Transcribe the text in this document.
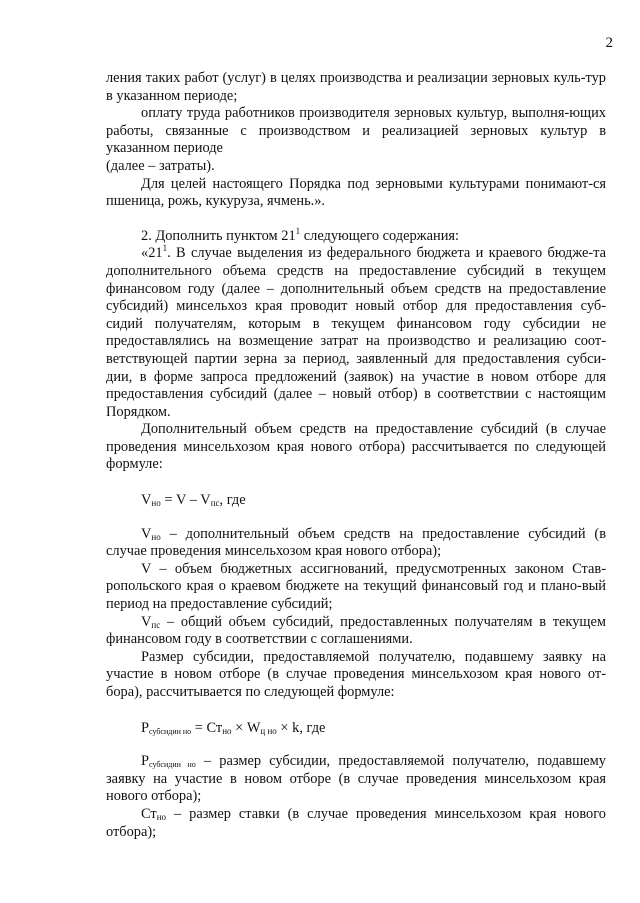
2

ления таких работ (услуг) в целях производства и реализации зерновых куль-тур в указанном периоде;

оплату труда работников производителя зерновых культур, выполня-ющих работы, связанные с производством и реализацией зерновых культур в указанном периоде

(далее – затраты).

Для целей настоящего Порядка под зерновыми культурами понимают-ся пшеница, рожь, кукуруза, ячмень.».

2. Дополнить пунктом $21^1$ следующего содержания:

«$21^1$. В случае выделения из федерального бюджета и краевого бюдже-та дополнительного объема средств на предоставление субсидий в текущем финансовом году (далее – дополнительный объем средств на предоставление субсидий) минсельхоз края проводит новый отбор для предоставления суб-сидий получателям, которым в текущем финансовом году субсидии не предоставлялись на возмещение затрат на производство и реализацию соот-ветствующей партии зерна за период, заявленный для предоставления субси-дии, в форме запроса предложений (заявок) на участие в новом отборе для предоставления субсидий (далее – новый отбор) в соответствии с настоящим Порядком.

Дополнительный объем средств на предоставление субсидий (в случае проведения минсельхозом края нового отбора) рассчитывается по следующей формуле:

$V_{но} = V - V_{пс}$, где

$V_{но}$ – дополнительный объем средств на предоставление субсидий (в случае проведения минсельхозом края нового отбора);

V – объем бюджетных ассигнований, предусмотренных законом Став-ропольского края о краевом бюджете на текущий финансовый год и плано-вый период на предоставление субсидий;

$V_{пс}$ – общий объем субсидий, предоставленных получателям в текущем финансовом году в соответствии с соглашениями.

Размер субсидии, предоставляемой получателю, подавшему заявку на участие в новом отборе (в случае проведения минсельхозом края нового от-бора), рассчитывается по следующей формуле:

$Р_{субсидии но} = Ст_{но} \times W_{ц но} \times k$, где

$Р_{субсидии но}$ – размер субсидии, предоставляемой получателю, подавшему заявку на участие в новом отборе (в случае проведения минсельхозом края нового отбора);

$Ст_{но}$ – размер ставки (в случае проведения минсельхозом края нового отбора);
